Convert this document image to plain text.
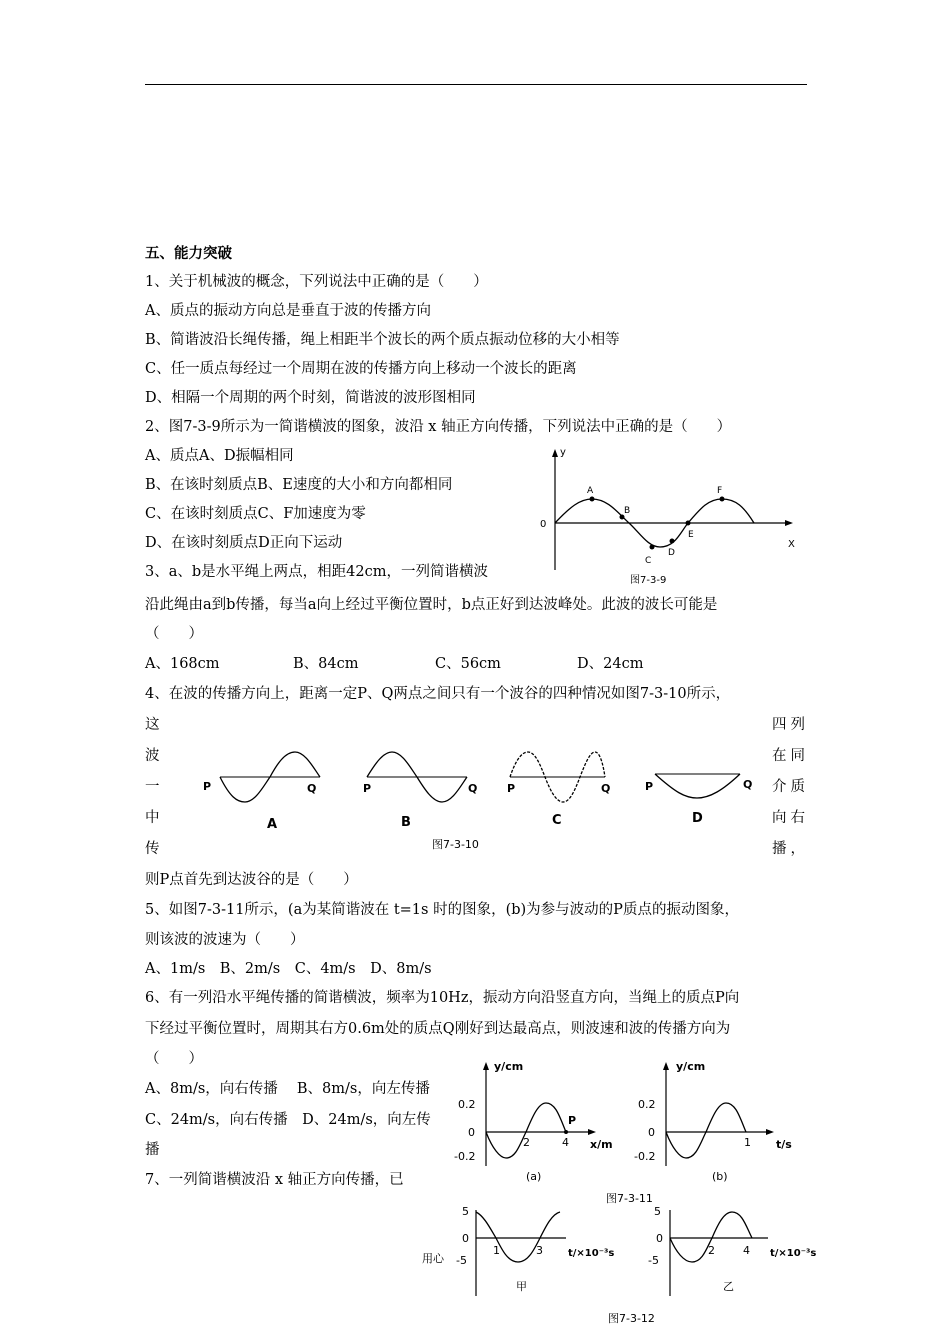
五、能力突破
1、关于机械波的概念，下列说法中正确的是（　　）
A、质点的振动方向总是垂直于波的传播方向
B、简谐波沿长绳传播，绳上相距半个波长的两个质点振动位移的大小相等
C、任一质点每经过一个周期在波的传播方向上移动一个波长的距离
D、相隔一个周期的两个时刻，简谐波的波形图相同
2、图7-3-9所示为一简谐横波的图象，波沿 x 轴正方向传播，下列说法中正确的是（　　）
A、质点A、D振幅相同
B、在该时刻质点B、E速度的大小和方向都相同
C、在该时刻质点C、F加速度为零
D、在该时刻质点D正向下运动
y
X
0
A
B
C
D
E
F
图7-3-9
3、a、b是水平绳上两点，相距42cm，一列简谐横波
沿此绳由a到b传播，每当a向上经过平衡位置时，b点正好到达波峰处。此波的波长可能是
（　　）
A、168cm	B、84cm	C、56cm	D、24cm
4、在波的传播方向上，距离一定P、Q两点之间只有一个波谷的四种情况如图7-3-10所示，
这
波
一
中
传
四列
在同
介质
向右
播，
P	Q
A
P	Q
B
P	Q
C
P	Q
D
图7-3-10
则P点首先到达波谷的是（　　）
5、如图7-3-11所示，(a为某简谐波在 t=1s 时的图象，(b)为参与波动的P质点的振动图象，
则该波的波速为（　　）
A、1m/s　B、2m/s　C、4m/s　D、8m/s
6、有一列沿水平绳传播的简谐横波，频率为10Hz，振动方向沿竖直方向，当绳上的质点P向
下经过平衡位置时，周期其右方0.6m处的质点Q刚好到达最高点，则波速和波的传播方向为
（　　）
A、8m/s，向右传播　 B、8m/s，向左传播
C、24m/s，向右传播　D、24m/s，向左传
播
7、一列简谐横波沿 x 轴正方向传播，已
y/cm
0.2
0
-0.2
2	4
P
x/m
(a)
y/cm
0.2
0
-0.2
1 t/s
(b)
图7-3-11
用心
5
0
-5
1	3	t/×10⁻³s
甲
5
0
-5
2	4 t/×10⁻³s
乙
图7-3-12
